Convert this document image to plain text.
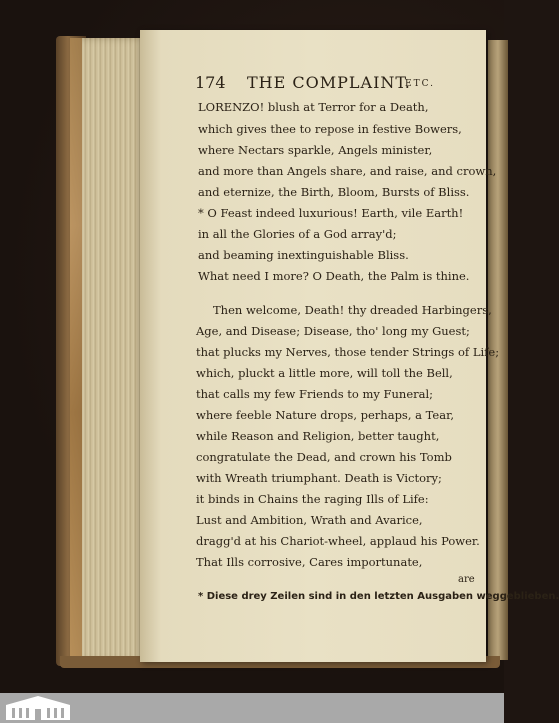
174 THE COMPLAINT.
ETC.
LORENZO! blush at Terror for a Death,
which gives thee to repose in festive Bowers,
where Nectars sparkle, Angels minister,
and more than Angels share, and raise, and crown,
and eternize, the Birth, Bloom, Bursts of Bliss.
* O Feast indeed luxurious! Earth, vile Earth!
in all the Glories of a God array'd;
and beaming inextinguishable Bliss.
What need I more? O Death, the Palm is thine.
Then welcome, Death! thy dreaded Harbingers,
Age, and Disease; Disease, tho' long my Guest;
that plucks my Nerves, those tender Strings of Life;
which, pluckt a little more, will toll the Bell,
that calls my few Friends to my Funeral;
where feeble Nature drops, perhaps, a Tear,
while Reason and Religion, better taught,
congratulate the Dead, and crown his Tomb
with Wreath triumphant. Death is Victory;
it binds in Chains the raging Ills of Life:
Lust and Ambition, Wrath and Avarice,
dragg'd at his Chariot-wheel, applaud his Power.
That Ills corrosive, Cares importunate,
are
* Diese drey Zeilen sind in den letzten Ausgaben weggeblieben.
